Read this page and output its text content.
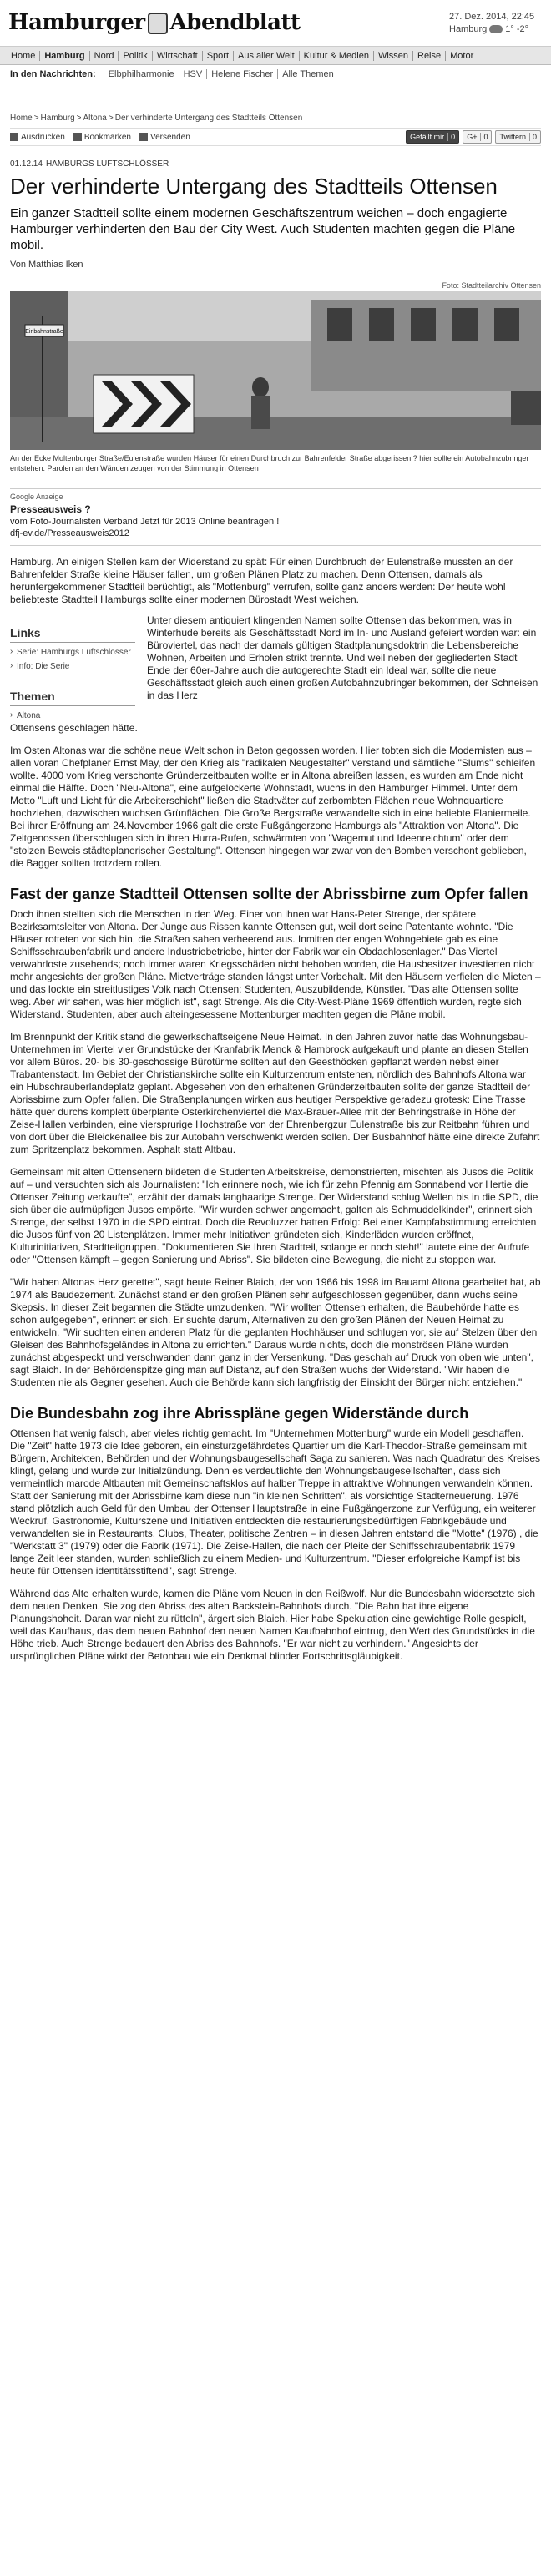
Hamburger Abendblatt	27. Dez. 2014, 22:45
Hamburg 1° -2°
Home	Hamburg	Nord	Politik	Wirtschaft	Sport	Aus aller Welt	Kultur & Medien	Wissen	Reise	Motor
In den Nachrichten:	Elbphilharmonie	HSV	Helene Fischer	Alle Themen
Home > Hamburg > Altona > Der verhinderte Untergang des Stadtteils Ottensen
Ausdrucken Bookmarken Versenden	Gefällt mir 0 G+ 0 Twittern 0
01.12.14 HAMBURGS LUFTSCHLÖSSER
Der verhinderte Untergang des Stadtteils Ottensen
Ein ganzer Stadtteil sollte einem modernen Geschäftszentrum weichen – doch engagierte Hamburger verhinderten den Bau der City West. Auch Studenten machten gegen die Pläne mobil.
Von Matthias Iken
Foto: Stadtteilarchiv Ottensen
Einbahnstraße
An der Ecke Moltenburger Straße/Eulenstraße wurden Häuser für einen Durchbruch zur Bahrenfelder Straße abgerissen ? hier sollte ein Autobahnzubringer entstehen. Parolen an den Wänden zeugen von der Stimmung in Ottensen
Google Anzeige
Presseausweis ?
vom Foto-Journalisten Verband Jetzt für 2013 Online beantragen !
dfj-ev.de/Presseausweis2012

Hamburg. An einigen Stellen kam der Widerstand zu spät: Für einen Durchbruch der Eulenstraße mussten an der Bahrenfelder Straße kleine Häuser fallen, um großen Plänen Platz zu machen. Denn Ottensen, damals als heruntergekommener Stadtteil berüchtigt, als "Mottenburg" verrufen, sollte ganz anders werden: Der heute wohl beliebteste Stadtteil Hamburgs sollte einer modernen Bürostadt West weichen.

Links
› Serie: Hamburgs Luftschlösser
› Info: Die Serie
Themen
› Altona
Unter diesem antiquiert klingenden Namen sollte Ottensen das bekommen, was in Winterhude bereits als Geschäftsstadt Nord im In- und Ausland gefeiert worden war: ein Büroviertel, das nach der damals gültigen Stadtplanungsdoktrin die Lebensbereiche Wohnen, Arbeiten und Erholen strikt trennte. Und weil neben der gegliederten Stadt Ende der 60er-Jahre auch die autogerechte Stadt ein Ideal war, sollte die neue Geschäftsstadt gleich auch einen großen Autobahnzubringer bekommen, der Schneisen in das Herz

Ottensens geschlagen hätte.

Im Osten Altonas war die schöne neue Welt schon in Beton gegossen worden. Hier tobten sich die Modernisten aus – allen voran Chefplaner Ernst May, der den Krieg als "radikalen Neugestalter" verstand und sämtliche "Slums" schleifen wollte. 4000 vom Krieg verschonte Gründerzeitbauten wollte er in Altona abreißen lassen, es wurden am Ende nicht einmal die Hälfte. Doch "Neu-Altona", eine aufgelockerte Wohnstadt, wuchs in den Hamburger Himmel. Unter dem Motto "Luft und Licht für die Arbeiterschicht" ließen die Stadtväter auf zerbombten Flächen neue Wohnquartiere hochziehen, dazwischen wuchsen Grünflächen. Die Große Bergstraße verwandelte sich in eine beliebte Flaniermeile. Bei ihrer Eröffnung am 24.November 1966 galt die erste Fußgängerzone Hamburgs als "Attraktion von Altona". Die Zeitgenossen überschlugen sich in ihren Hurra-Rufen, schwärmten von "Wagemut und Ideenreichtum" oder dem "stolzen Beweis städteplanerischer Gestaltung". Ottensen hingegen war zwar von den Bomben verschont geblieben, die Bagger sollten trotzdem rollen.

Fast der ganze Stadtteil Ottensen sollte der Abrissbirne zum Opfer fallen

Doch ihnen stellten sich die Menschen in den Weg. Einer von ihnen war Hans-Peter Strenge, der spätere Bezirksamtsleiter von Altona. Der Junge aus Rissen kannte Ottensen gut, weil dort seine Patentante wohnte. "Die Häuser rotteten vor sich hin, die Straßen sahen verheerend aus. Inmitten der engen Wohngebiete gab es eine Schiffsschraubenfabrik und andere Industriebetriebe, hinter der Fabrik war ein Obdachlosenlager." Das Viertel verwahrloste zusehends; noch immer waren Kriegsschäden nicht behoben worden, die Hausbesitzer investierten nicht mehr angesichts der großen Pläne. Mietverträge standen längst unter Vorbehalt. Mit den Häusern verfielen die Mieten – und das lockte ein streitlustiges Volk nach Ottensen: Studenten, Auszubildende, Künstler. "Das alte Ottensen sollte weg. Aber wir sahen, was hier möglich ist", sagt Strenge. Als die City-West-Pläne 1969 öffentlich wurden, regte sich Widerstand. Studenten, aber auch alteingesessene Mottenburger machten gegen die Pläne mobil.

Im Brennpunkt der Kritik stand die gewerkschaftseigene Neue Heimat. In den Jahren zuvor hatte das Wohnungsbau-Unternehmen im Viertel vier Grundstücke der Kranfabrik Menck & Hambrock aufgekauft und plante an diesen Stellen vor allem Büros. 20- bis 30-geschossige Bürotürme sollten auf den Geesthöcken gepflanzt werden nebst einer Trabantenstadt. Im Gebiet der Christianskirche sollte ein Kulturzentrum entstehen, nördlich des Bahnhofs Altona war ein Hubschrauberlandeplatz geplant. Abgesehen von den erhaltenen Gründerzeitbauten sollte der ganze Stadtteil der Abrissbirne zum Opfer fallen. Die Straßenplanungen wirken aus heutiger Perspektive geradezu grotesk: Eine Trasse hätte quer durchs komplett überplante Osterkirchenviertel die Max-Brauer-Allee mit der Behringstraße in Höhe der Zeise-Hallen verbinden, eine viersprurige Hochstraße von der Ehrenbergzur Eulenstraße bis zur Reitbahn führen und von dort über die Bleickenallee bis zur Autobahn verschwenkt werden sollen. Der Busbahnhof hätte eine direkte Zufahrt zum Spritzenplatz bekommen. Asphalt statt Altbau.

Gemeinsam mit alten Ottensenern bildeten die Studenten Arbeitskreise, demonstrierten, mischten als Jusos die Politik auf – und versuchten sich als Journalisten: "Ich erinnere noch, wie ich für zehn Pfennig am Sonnabend vor Hertie die Ottenser Zeitung verkaufte", erzählt der damals langhaarige Strenge. Der Widerstand schlug Wellen bis in die SPD, die sich über die aufmüpfigen Jusos empörte. "Wir wurden schwer angemacht, galten als Schmuddelkinder", erinnert sich Strenge, der selbst 1970 in die SPD eintrat. Doch die Revoluzzer hatten Erfolg: Bei einer Kampfabstimmung erreichten die Jusos fünf von 20 Listenplätzen. Immer mehr Initiativen gründeten sich, Kinderläden wurden eröffnet, Kulturinitiativen, Stadtteilgruppen. "Dokumentieren Sie Ihren Stadtteil, solange er noch steht!" lautete eine der Aufrufe oder "Ottensen kämpft – gegen Sanierung und Abriss". Sie bildeten eine Bewegung, die nicht zu stoppen war.

"Wir haben Altonas Herz gerettet", sagt heute Reiner Blaich, der von 1966 bis 1998 im Bauamt Altona gearbeitet hat, ab 1974 als Baudezernent. Zunächst stand er den großen Plänen sehr aufgeschlossen gegenüber, dann wuchs seine Skepsis. In dieser Zeit begannen die Städte umzudenken. "Wir wollten Ottensen erhalten, die Baubehörde hatte es schon aufgegeben", erinnert er sich. Er suchte darum, Alternativen zu den großen Plänen der Neuen Heimat zu entwickeln. "Wir suchten einen anderen Platz für die geplanten Hochhäuser und schlugen vor, sie auf Stelzen über den Gleisen des Bahnhofsgeländes in Altona zu errichten." Daraus wurde nichts, doch die monströsen Pläne wurden zunächst abgespeckt und verschwanden dann ganz in der Versenkung. "Das geschah auf Druck von oben wie unten", sagt Blaich. In der Behördenspitze ging man auf Distanz, auf den Straßen wuchs der Widerstand. "Wir haben die Studenten nie als Gegner gesehen. Auch die Behörde kann sich langfristig der Einsicht der Bürger nicht entziehen."

Die Bundesbahn zog ihre Abrisspläne gegen Widerstände durch

Ottensen hat wenig falsch, aber vieles richtig gemacht. Im "Unternehmen Mottenburg" wurde ein Modell geschaffen. Die "Zeit" hatte 1973 die Idee geboren, ein einsturzgefährdetes Quartier um die Karl-Theodor-Straße gemeinsam mit Bürgern, Architekten, Behörden und der Wohnungsbaugesellschaft Saga zu sanieren. Was nach Quadratur des Kreises klingt, gelang und wurde zur Initialzündung. Denn es verdeutlichte den Wohnungsbaugesellschaften, dass sich vermeintlich marode Altbauten mit Gemeinschaftsklos auf halber Treppe in attraktive Wohnungen verwandeln können. Statt der Sanierung mit der Abrissbirne kam diese nun "in kleinen Schritten", als vorsichtige Stadterneuerung. 1976 stand plötzlich auch Geld für den Umbau der Ottenser Hauptstraße in eine Fußgängerzone zur Verfügung, ein weiterer Weckruf. Gastronomie, Kulturszene und Initiativen entdeckten die restaurierungsbedürftigen Fabrikgebäude und verwandelten sie in Restaurants, Clubs, Theater, politische Zentren – in diesen Jahren entstand die "Motte" (1976) , die "Werkstatt 3" (1979) oder die Fabrik (1971). Die Zeise-Hallen, die nach der Pleite der Schiffsschraubenfabrik 1979 lange Zeit leer standen, wurden schließlich zu einem Medien- und Kulturzentrum. "Dieser erfolgreiche Kampf ist bis heute für Ottensen identitätsstiftend", sagt Strenge.

Während das Alte erhalten wurde, kamen die Pläne vom Neuen in den Reißwolf. Nur die Bundesbahn widersetzte sich dem neuen Denken. Sie zog den Abriss des alten Backstein-Bahnhofs durch. "Die Bahn hat ihre eigene Planungshoheit. Daran war nicht zu rütteln", ärgert sich Blaich. Hier habe Spekulation eine gewichtige Rolle gespielt, weil das Kaufhaus, das dem neuen Bahnhof den neuen Namen Kaufbahnhof eintrug, den Wert des Grundstücks in die Höhe trieb. Auch Strenge bedauert den Abriss des Bahnhofs. "Er war nicht zu verhindern." Angesichts der ursprünglichen Pläne wirkt der Betonbau wie ein Denkmal blinder Fortschrittsgläubigkeit.
